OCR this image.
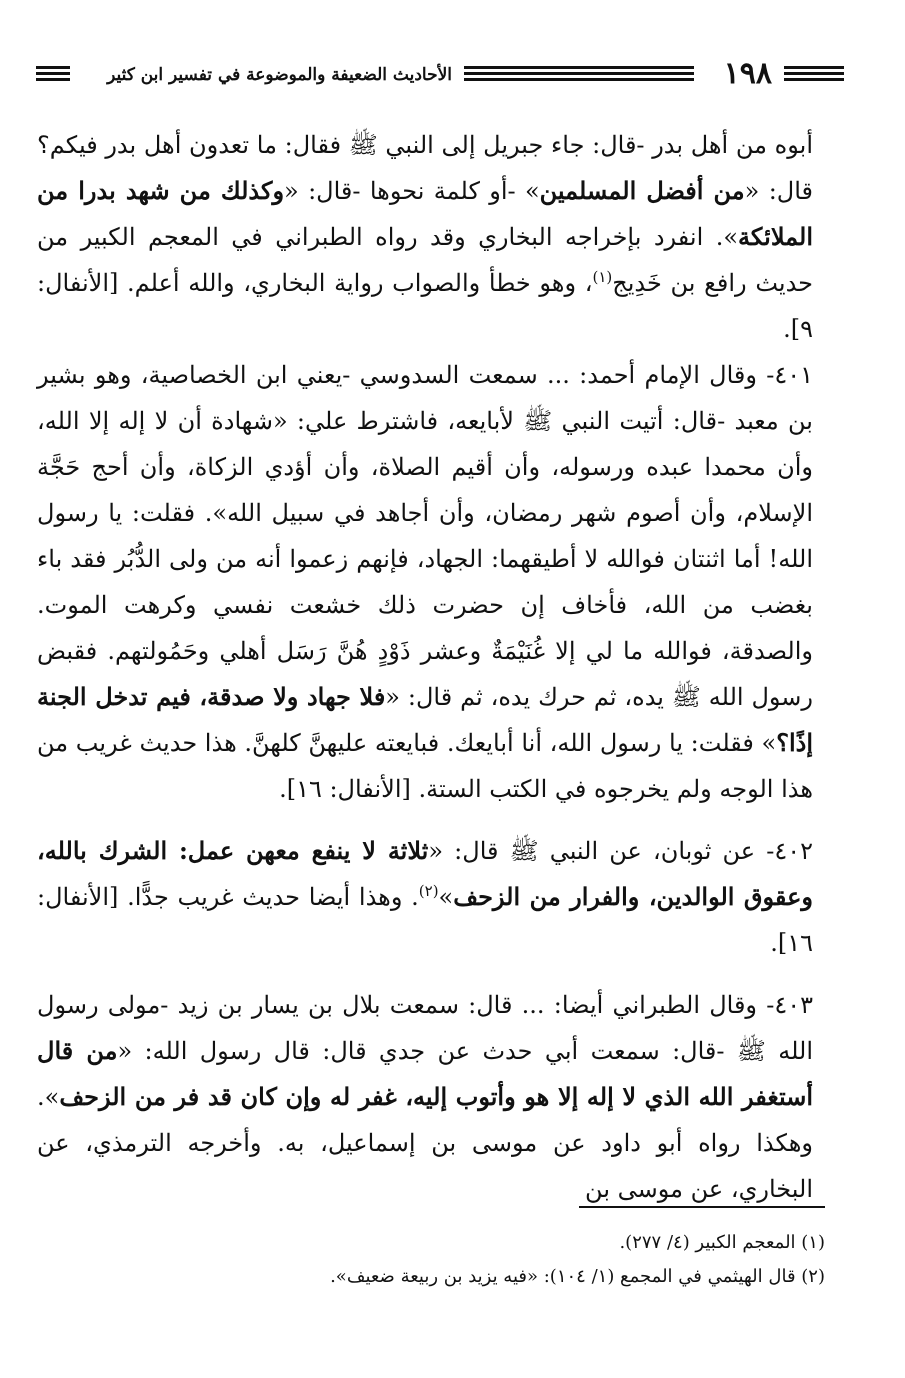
١٩٨
الأحاديث الضعيفة والموضوعة في تفسير ابن كثير

أبوه من أهل بدر -قال: جاء جبريل إلى النبي ﷺ فقال: ما تعدون أهل بدر فيكم؟ قال: «من أفضل المسلمين» -أو كلمة نحوها -قال: «وكذلك من شهد بدرا من الملائكة». انفرد بإخراجه البخاري وقد رواه الطبراني في المعجم الكبير من حديث رافع بن خَدِيج$^{(١)}$، وهو خطأ والصواب رواية البخاري، والله أعلم. [الأنفال: ٩].

٤٠١- وقال الإمام أحمد: ... سمعت السدوسي -يعني ابن الخصاصية، وهو بشير بن معبد -قال: أتيت النبي ﷺ لأبايعه، فاشترط علي: «شهادة أن لا إله إلا الله، وأن محمدا عبده ورسوله، وأن أقيم الصلاة، وأن أؤدي الزكاة، وأن أحج حَجَّة الإسلام، وأن أصوم شهر رمضان، وأن أجاهد في سبيل الله». فقلت: يا رسول الله! أما اثنتان فوالله لا أطيقهما: الجهاد، فإنهم زعموا أنه من ولى الدُّبُر فقد باء بغضب من الله، فأخاف إن حضرت ذلك خشعت نفسي وكرهت الموت. والصدقة، فوالله ما لي إلا غُنَيْمَةٌ وعشر ذَوْدٍ هُنَّ رَسَل أهلي وحَمُولتهم. فقبض رسول الله ﷺ يده، ثم حرك يده، ثم قال: «فلا جهاد ولا صدقة، فيم تدخل الجنة إذًا؟» فقلت: يا رسول الله، أنا أبايعك. فبايعته عليهنَّ كلهنَّ. هذا حديث غريب من هذا الوجه ولم يخرجوه في الكتب الستة. [الأنفال: ١٦].

٤٠٢- عن ثوبان، عن النبي ﷺ قال: «ثلاثة لا ينفع معهن عمل: الشرك بالله، وعقوق الوالدين، والفرار من الزحف»$^{(٢)}$. وهذا أيضا حديث غريب جدًّا. [الأنفال: ١٦].

٤٠٣- وقال الطبراني أيضا: ... قال: سمعت بلال بن يسار بن زيد -مولى رسول الله ﷺ -قال: سمعت أبي حدث عن جدي قال: قال رسول الله: «من قال أستغفر الله الذي لا إله إلا هو وأتوب إليه، غفر له وإن كان قد فر من الزحف». وهكذا رواه أبو داود عن موسى بن إسماعيل، به. وأخرجه الترمذي، عن البخاري، عن موسى بن

(١) المعجم الكبير (٤/ ٢٧٧).

(٢) قال الهيثمي في المجمع (١/ ١٠٤): «فيه يزيد بن ربيعة ضعيف».
